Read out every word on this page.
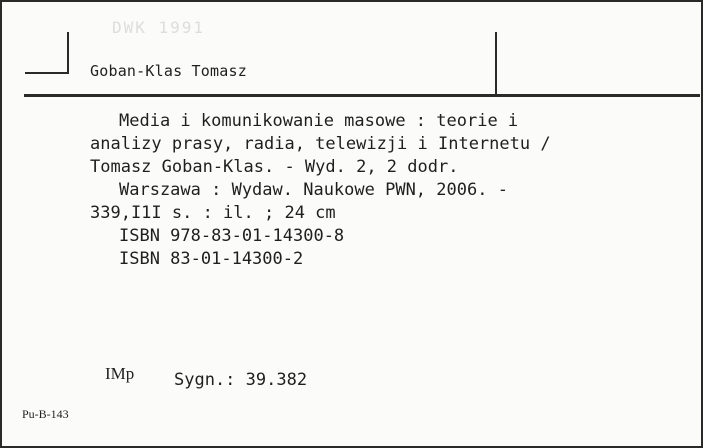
DWK 1991
Goban-Klas Tomasz
Media i komunikowanie masowe : teorie i
analizy prasy, radia, telewizji i Internetu /
Tomasz Goban-Klas. - Wyd. 2, 2 dodr.
Warszawa : Wydaw. Naukowe PWN, 2006. -
339,I1I s. : il. ; 24 cm
ISBN 978-83-01-14300-8
ISBN 83-01-14300-2
IMp Sygn.: 39.382
Pu-B-143
